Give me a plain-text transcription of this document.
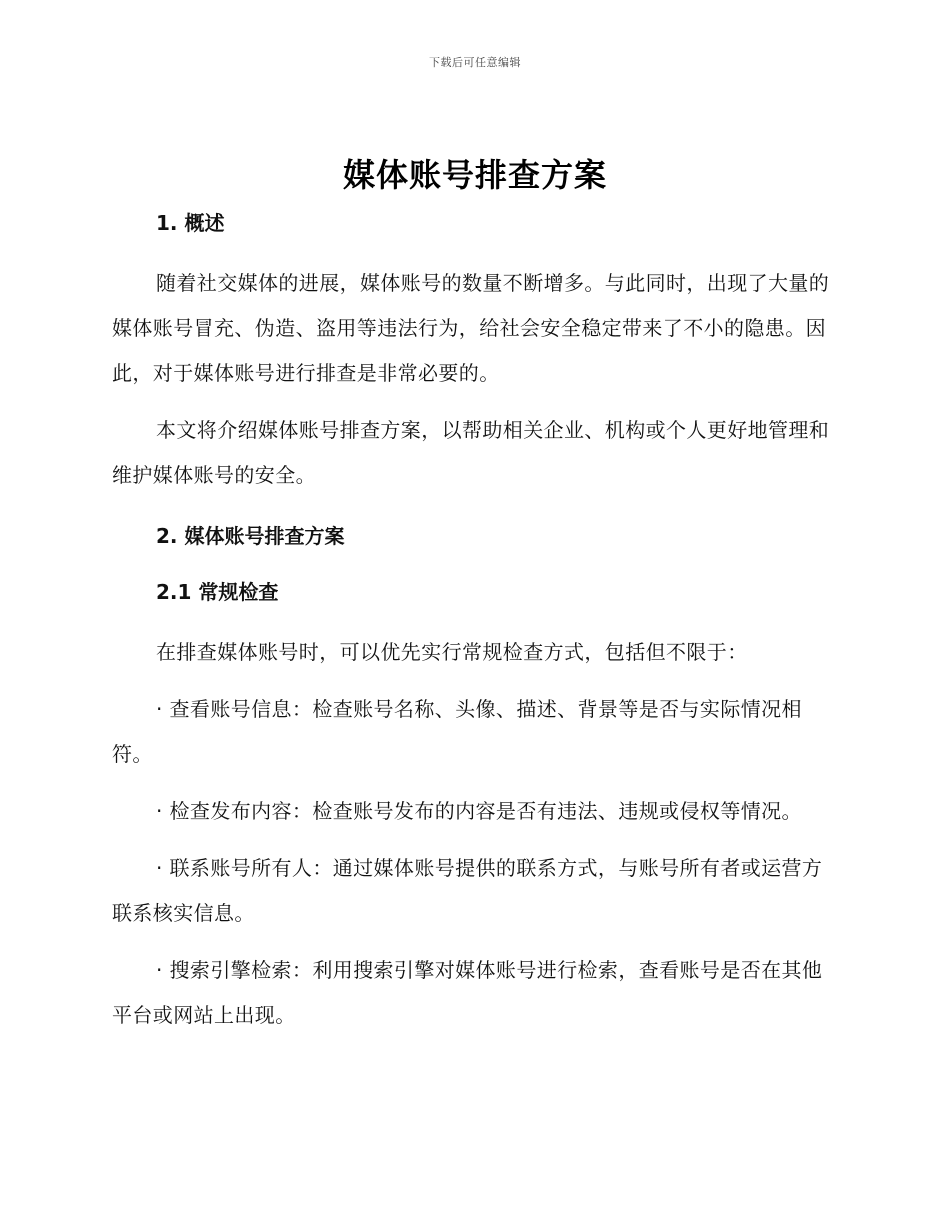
下载后可任意编辑
媒体账号排查方案

1. 概述

随着社交媒体的进展，媒体账号的数量不断增多。与此同时，出现了大量的媒体账号冒充、伪造、盗用等违法行为，给社会安全稳定带来了不小的隐患。因此，对于媒体账号进行排查是非常必要的。

本文将介绍媒体账号排查方案，以帮助相关企业、机构或个人更好地管理和维护媒体账号的安全。

2. 媒体账号排查方案

2.1 常规检查

在排查媒体账号时，可以优先实行常规检查方式，包括但不限于：

· 查看账号信息：检查账号名称、头像、描述、背景等是否与实际情况相符。

· 检查发布内容：检查账号发布的内容是否有违法、违规或侵权等情况。

· 联系账号所有人：通过媒体账号提供的联系方式，与账号所有者或运营方联系核实信息。

· 搜索引擎检索：利用搜索引擎对媒体账号进行检索，查看账号是否在其他平台或网站上出现。
